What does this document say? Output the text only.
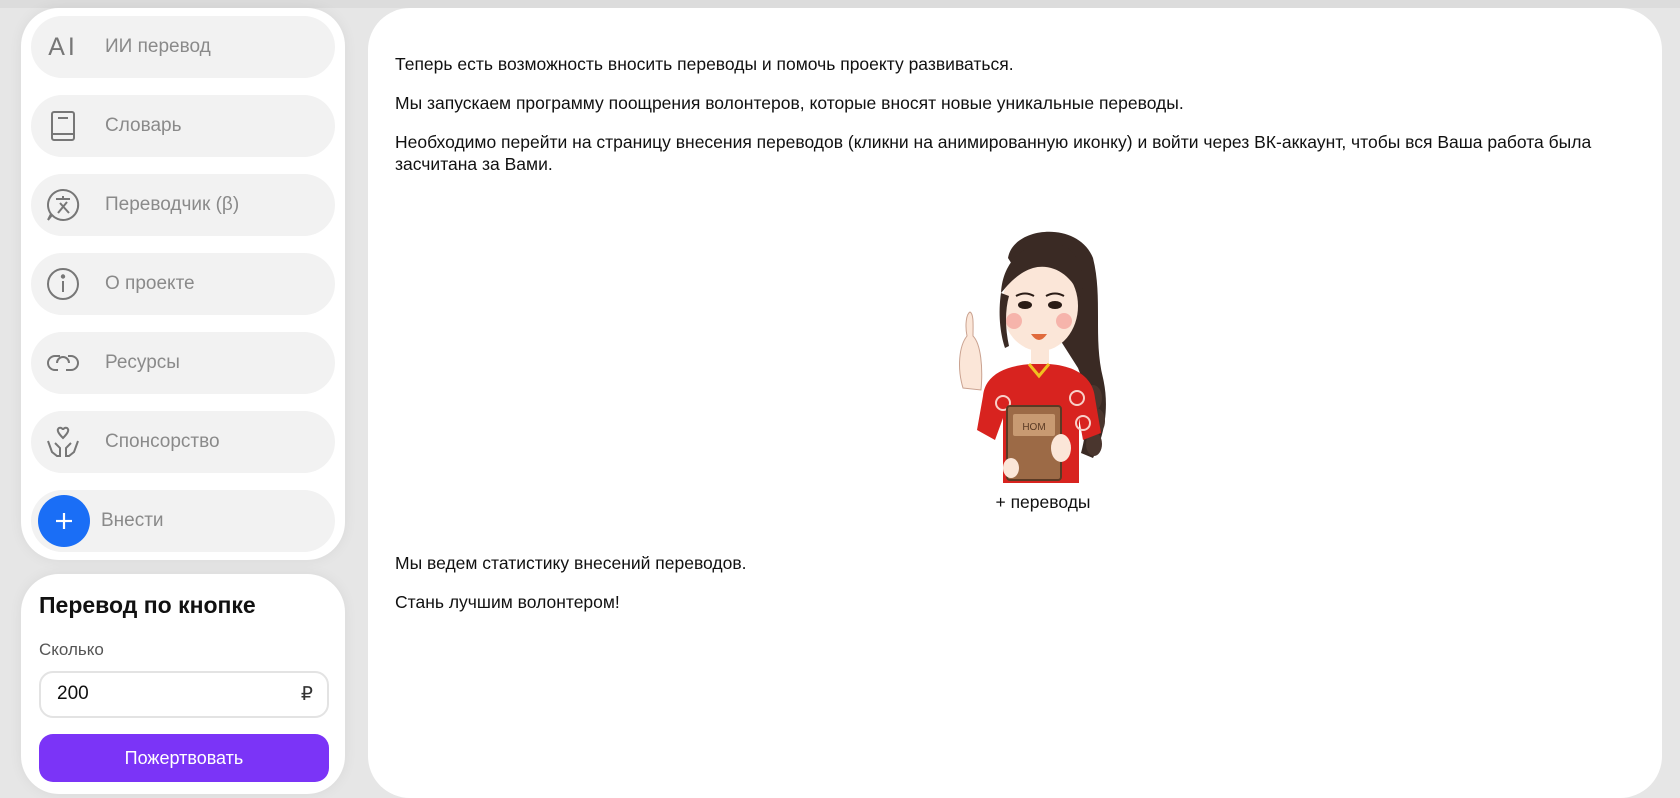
AI ИИ перевод
Словарь
Переводчик (β)
О проекте
Ресурсы
Спонсорство
Внести
Перевод по кнопке
Сколько
200
₽
Пожертвовать

Теперь есть возможность вносить переводы и помочь проекту развиваться.

Мы запускаем программу поощрения волонтеров, которые вносят новые уникальные переводы.

Необходимо перейти на страницу внесения переводов (кликни на анимированную иконку) и войти через ВК-аккаунт, чтобы вся Ваша работа была засчитана за Вами.

НОМ
+ переводы

Мы ведем статистику внесений переводов.

Стань лучшим волонтером!
